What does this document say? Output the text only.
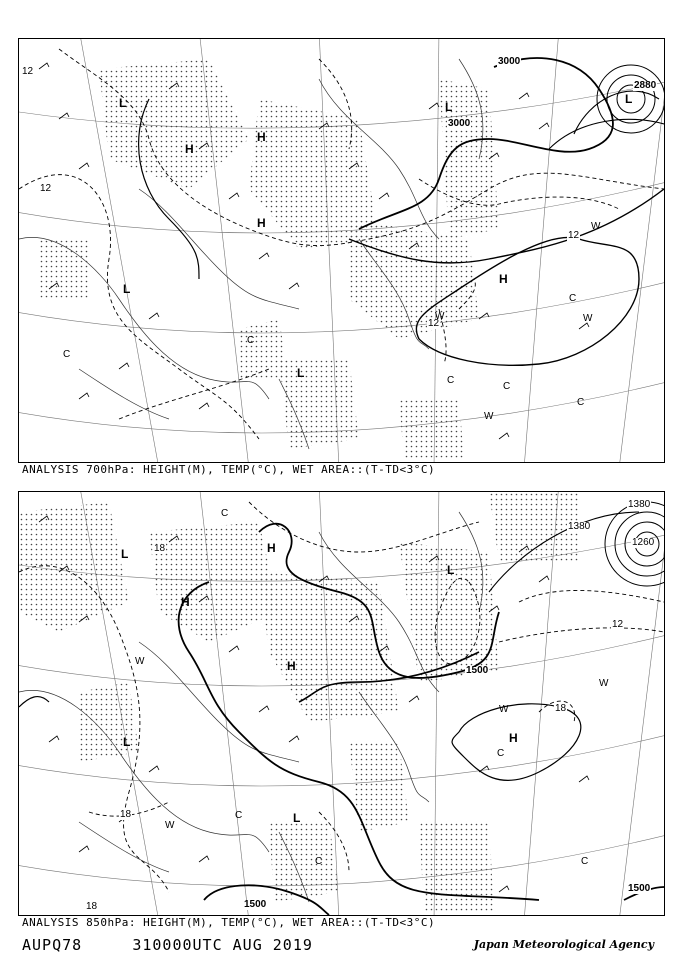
3000
3000
2880
12
12
12
12
L
L
L
L
L
H
H
H
H
W
W	W
W
C
C
C
C
C
C
ANALYSIS 700hPa: HEIGHT(M), TEMP(°C), WET AREA::(T-TD<3°C)
1500
1500
1500
1380
1260
1380
12
18
18
18
18
L
L
L
L
H
H
H
H
W
W
W
W
C
C
C	C
C
ANALYSIS 850hPa: HEIGHT(M), TEMP(°C), WET AREA::(T-TD<3°C)
AUPQ78	310000UTC AUG 2019	Japan Meteorological Agency
